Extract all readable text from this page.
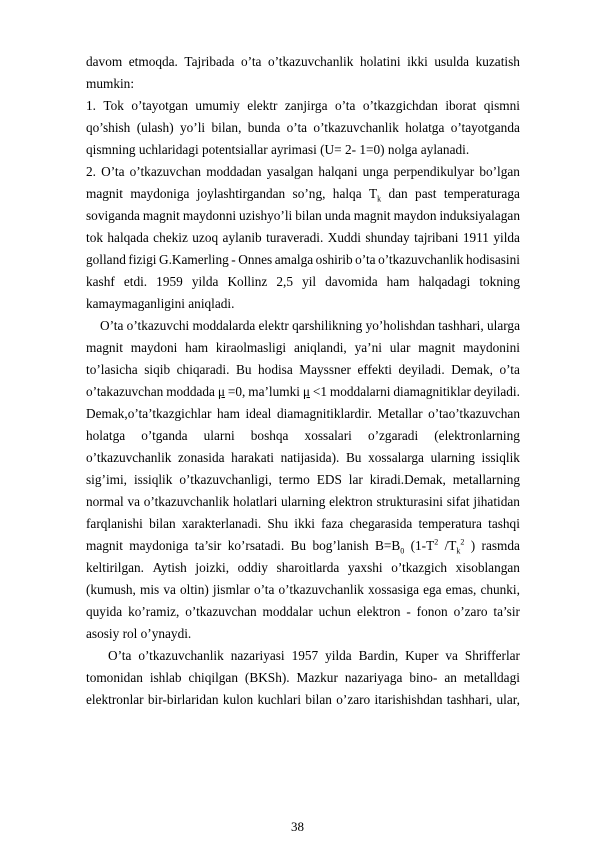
davom etmoqda. Tajribada o’ta o’tkazuvchanlik holatini ikki usulda kuzatish
mumkin:
1. Tok o’tayotgan umumiy elektr zanjirga o’ta o’tkazgichdan iborat qismni
qo’shish (ulash) yo’li bilan, bunda o’ta o’tkazuvchanlik holatga o’tayotganda
qismning uchlaridagi potentsiallar ayrimasi (U= 2- 1=0) nolga aylanadi.
2. O’ta o’tkazuvchan moddadan yasalgan halqani unga perpendikulyar bo’lgan
magnit maydoniga joylashtirgandan so’ng, halqa $T_k$ dan past temperaturaga
soviganda magnit maydonni uzishyo’li bilan unda magnit maydon induksiyalagan
tok halqada chekiz uzoq aylanib turaveradi. Xuddi shunday tajribani 1911 yilda
golland fizigi G.Kamerling - Onnes amalga oshirib o’ta o’tkazuvchanlik hodisasini
kashf etdi. 1959 yilda Kollinz 2,5 yil davomida ham halqadagi tokning
kamaymaganligini aniqladi.
O’ta o’tkazuvchi moddalarda elektr qarshilikning yo’holishdan tashhari, ularga
magnit maydoni ham kiraolmasligi aniqlandi, ya’ni ular magnit maydonini
to’lasicha siqib chiqaradi. Bu hodisa Mayssner effekti deyiladi. Demak, o’ta
o’takazuvchan moddada μ =0, ma’lumki μ <1 moddalarni diamagnitiklar deyiladi.
Demak,o’ta’tkazgichlar ham ideal diamagnitiklardir. Metallar o’tao’tkazuvchan
holatga o’tganda ularni boshqa xossalari o’zgaradi (elektronlarning
o’tkazuvchanlik zonasida harakati natijasida). Bu xossalarga ularning issiqlik
sig’imi, issiqlik o’tkazuvchanligi, termo EDS lar kiradi.Demak, metallarning
normal va o’tkazuvchanlik holatlari ularning elektron strukturasini sifat jihatidan
farqlanishi bilan xarakterlanadi. Shu ikki faza chegarasida temperatura tashqi
magnit maydoniga ta’sir ko’rsatadi. Bu bog’lanish $B=B_0$ ($1-T^2$ $/T_k^2$ ) rasmda
keltirilgan. Aytish joizki, oddiy sharoitlarda yaxshi o’tkazgich xisoblangan
(kumush, mis va oltin) jismlar o’ta o’tkazuvchanlik xossasiga ega emas, chunki,
quyida ko’ramiz, o’tkazuvchan moddalar uchun elektron - fonon o’zaro ta’sir
asosiy rol o’ynaydi.
O’ta o’tkazuvchanlik nazariyasi 1957 yilda Bardin, Kuper va Shrifferlar
tomonidan ishlab chiqilgan (BKSh). Mazkur nazariyaga bino- an metalldagi
elektronlar bir-birlaridan kulon kuchlari bilan o’zaro itarishishdan tashhari, ular,
38
